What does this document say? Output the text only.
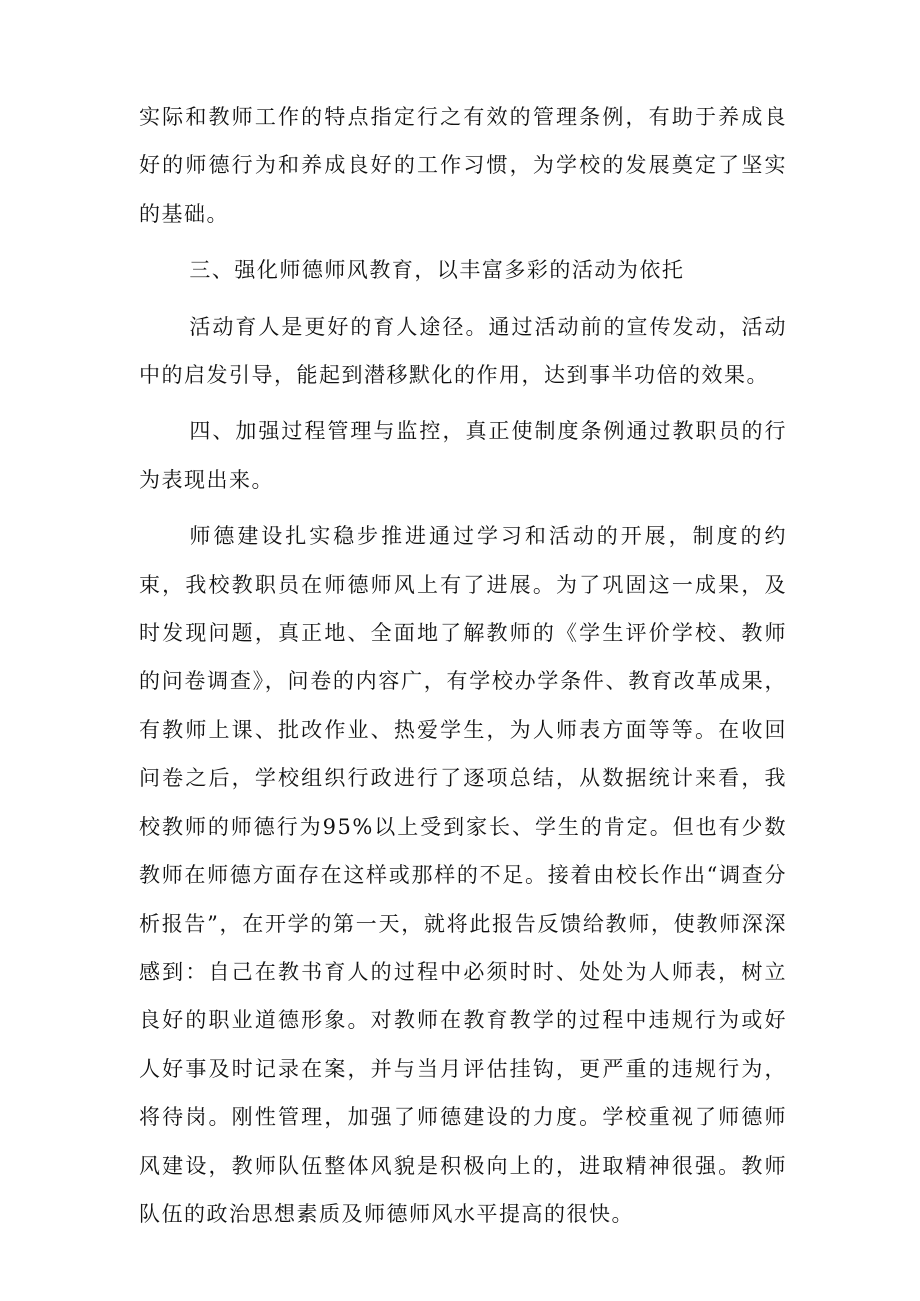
实际和教师工作的特点指定行之有效的管理条例，有助于养成良好的师德行为和养成良好的工作习惯，为学校的发展奠定了坚实的基础。

三、强化师德师风教育，以丰富多彩的活动为依托

活动育人是更好的育人途径。通过活动前的宣传发动，活动中的启发引导，能起到潜移默化的作用，达到事半功倍的效果。

四、加强过程管理与监控，真正使制度条例通过教职员的行为表现出来。

师德建设扎实稳步推进通过学习和活动的开展，制度的约束，我校教职员在师德师风上有了进展。为了巩固这一成果，及时发现问题，真正地、全面地了解教师的《学生评价学校、教师的问卷调查》，问卷的内容广，有学校办学条件、教育改革成果，有教师上课、批改作业、热爱学生，为人师表方面等等。在收回问卷之后，学校组织行政进行了逐项总结，从数据统计来看，我校教师的师德行为95%以上受到家长、学生的肯定。但也有少数教师在师德方面存在这样或那样的不足。接着由校长作出“调查分析报告”，在开学的第一天，就将此报告反馈给教师，使教师深深感到：自己在教书育人的过程中必须时时、处处为人师表，树立良好的职业道德形象。对教师在教育教学的过程中违规行为或好人好事及时记录在案，并与当月评估挂钩，更严重的违规行为，将待岗。刚性管理，加强了师德建设的力度。学校重视了师德师风建设，教师队伍整体风貌是积极向上的，进取精神很强。教师队伍的政治思想素质及师德师风水平提高的很快。
